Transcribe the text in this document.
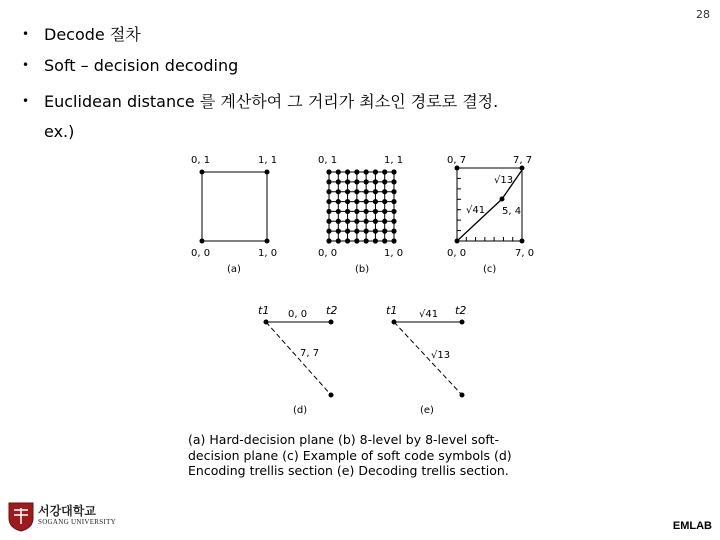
28
• Decode 절차
• Soft – decision decoding
• Euclidean distance 를 계산하여 그 거리가 최소인 경로로 결정.
ex.)
0, 1	1, 1
0, 0	1, 0
(a)
0, 1	1, 1
0, 0	1, 0
(b)
0, 7	7, 7
0, 0	7, 0
√13
√41 5, 4
(c)
t1	t2
0, 0
7, 7
(d)
t1	t2
√41
√13
(e)
(a) Hard-decision plane (b) 8-level by 8-level soft-decision plane (c) Example of soft code symbols (d) Encoding trellis section (e) Decoding trellis section.
서강대학교
SOGANG UNIVERSITY	EMLAB
